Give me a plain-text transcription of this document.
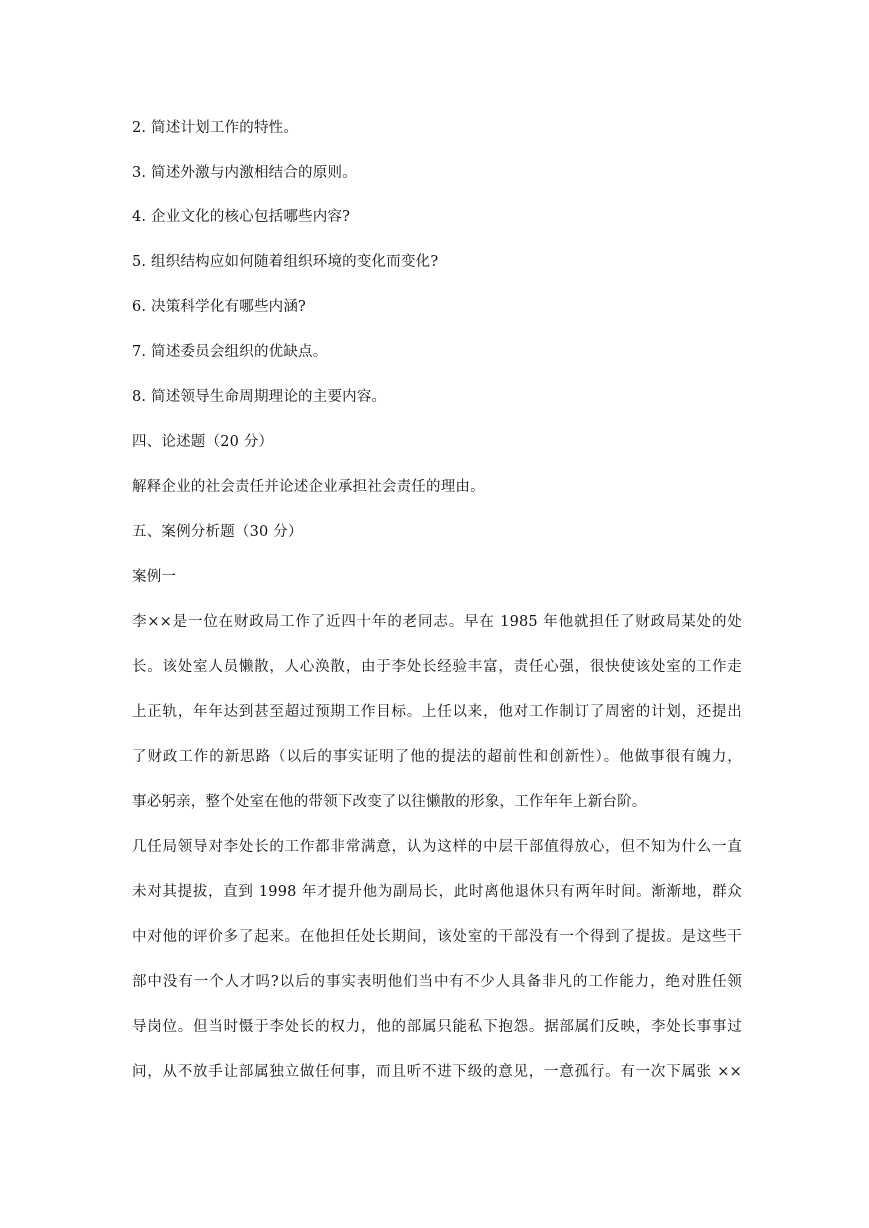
2. 简述计划工作的特性。
3. 简述外激与内激相结合的原则。
4. 企业文化的核心包括哪些内容?
5. 组织结构应如何随着组织环境的变化而变化?
6. 决策科学化有哪些内涵?
7. 简述委员会组织的优缺点。
8. 简述领导生命周期理论的主要内容。
四、论述题（20 分）
解释企业的社会责任并论述企业承担社会责任的理由。
五、案例分析题（30 分）
案例一
李××是一位在财政局工作了近四十年的老同志。早在 1985 年他就担任了财政局某处的处
长。该处室人员懒散，人心涣散，由于李处长经验丰富，责任心强，很快使该处室的工作走
上正轨，年年达到甚至超过预期工作目标。上任以来，他对工作制订了周密的计划，还提出
了财政工作的新思路（以后的事实证明了他的提法的超前性和创新性）。他做事很有魄力，
事必躬亲，整个处室在他的带领下改变了以往懒散的形象，工作年年上新台阶。
几任局领导对李处长的工作都非常满意，认为这样的中层干部值得放心，但不知为什么一直
未对其提拔，直到 1998 年才提升他为副局长，此时离他退休只有两年时间。渐渐地，群众
中对他的评价多了起来。在他担任处长期间，该处室的干部没有一个得到了提拔。是这些干
部中没有一个人才吗?以后的事实表明他们当中有不少人具备非凡的工作能力，绝对胜任领
导岗位。但当时慑于李处长的权力，他的部属只能私下抱怨。据部属们反映，李处长事事过
问，从不放手让部属独立做任何事，而且听不进下级的意见，一意孤行。有一次下属张 ××
